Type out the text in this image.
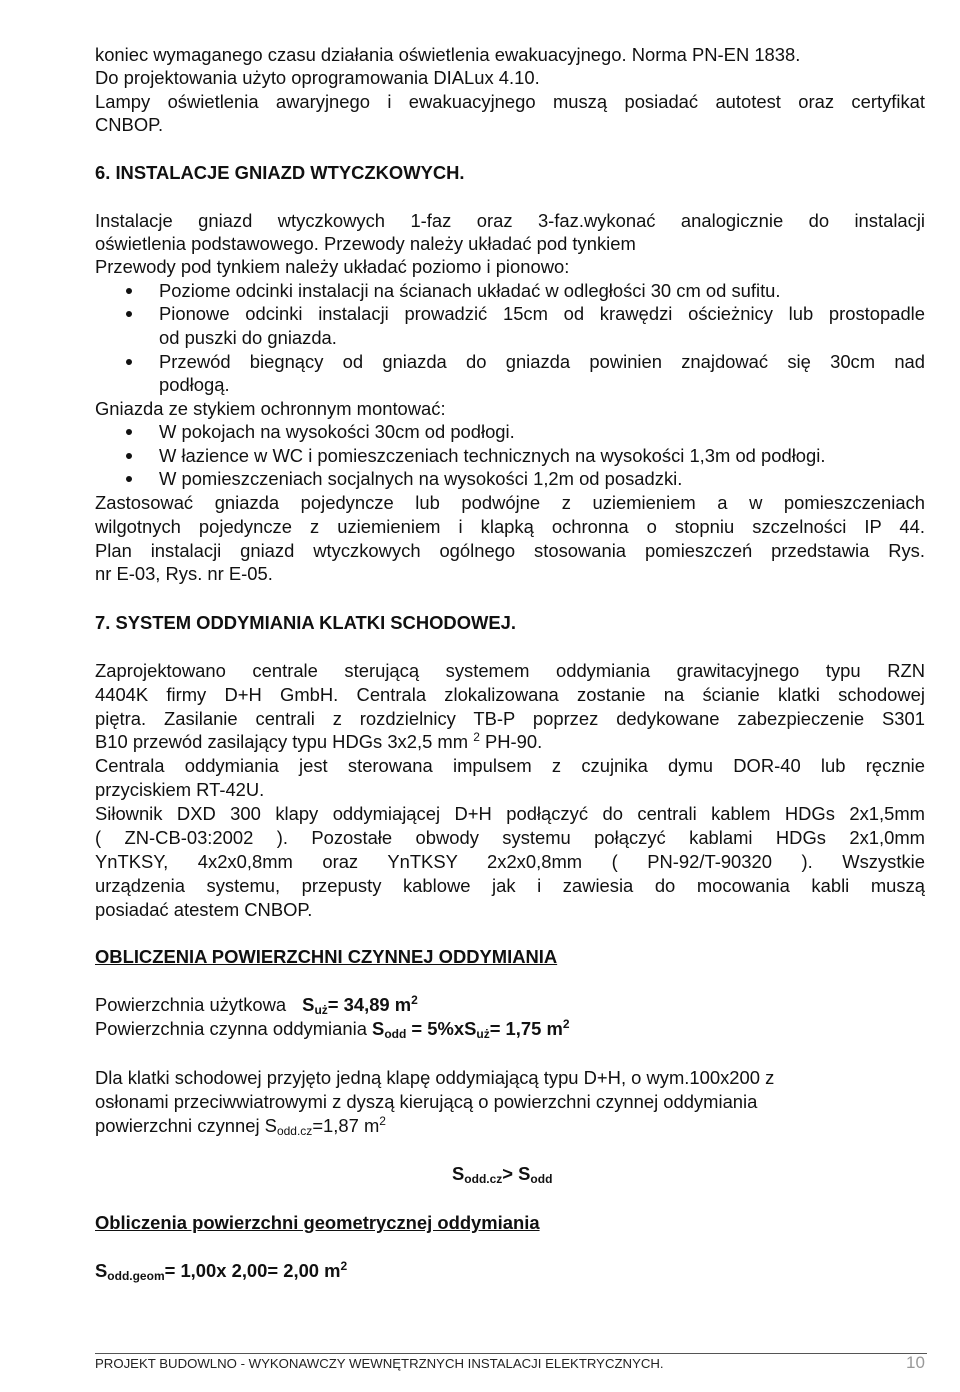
koniec wymaganego czasu działania oświetlenia ewakuacyjnego. Norma PN-EN 1838.
Do projektowania użyto oprogramowania DIALux 4.10.
Lampy oświetlenia awaryjnego i ewakuacyjnego muszą posiadać autotest oraz certyfikat
CNBOP.
6. INSTALACJE GNIAZD WTYCZKOWYCH.
Instalacje gniazd wtyczkowych 1-faz oraz 3-faz.wykonać analogicznie do instalacji
oświetlenia podstawowego. Przewody należy układać pod tynkiem
Przewody pod tynkiem należy układać poziomo i pionowo:
Poziome odcinki instalacji na ścianach układać w odległości 30 cm od sufitu.
Pionowe odcinki instalacji prowadzić 15cm od krawędzi ościeżnicy lub prostopadle
od puszki do gniazda.
Przewód biegnący od gniazda do gniazda powinien znajdować się 30cm nad
podłogą.
Gniazda ze stykiem ochronnym montować:
W pokojach na wysokości 30cm od podłogi.
W łazience w WC i pomieszczeniach technicznych na wysokości 1,3m od podłogi.
W pomieszczeniach socjalnych na wysokości 1,2m od posadzki.
Zastosować gniazda pojedyncze lub podwójne z uziemieniem a w pomieszczeniach
wilgotnych pojedyncze z uziemieniem i klapką ochronna o stopniu szczelności IP 44.
Plan instalacji gniazd wtyczkowych ogólnego stosowania pomieszczeń przedstawia Rys.
nr E-03, Rys. nr E-05.
7. SYSTEM ODDYMIANIA KLATKI SCHODOWEJ.
Zaprojektowano centrale sterującą systemem oddymiania grawitacyjnego typu RZN
4404K firmy D+H GmbH. Centrala zlokalizowana zostanie na ścianie klatki schodowej
piętra. Zasilanie centrali z rozdzielnicy TB-P poprzez dedykowane zabezpieczenie S301
B10 przewód zasilający typu HDGs 3x2,5 mm $^2$ PH-90.
Centrala oddymiania jest sterowana impulsem z czujnika dymu DOR-40 lub ręcznie
przyciskiem RT-42U.
Siłownik DXD 300 klapy oddymiającej D+H podłączyć do centrali kablem HDGs 2x1,5mm
( ZN-CB-03:2002 ). Pozostałe obwody systemu połączyć kablami HDGs 2x1,0mm
YnTKSY, 4x2x0,8mm oraz YnTKSY 2x2x0,8mm ( PN-92/T-90320 ). Wszystkie
urządzenia systemu, przepusty kablowe jak i zawiesia do mocowania kabli muszą
posiadać atestem CNBOP.
OBLICZENIA POWIERZCHNI CZYNNEJ ODDYMIANIA
Powierzchnia użytkowa $S_{uż}= 34,89$ $m^2$
Powierzchnia czynna oddymiania $S_{odd} = 5\%xS_{uż}= 1,75$ $m^2$
Dla klatki schodowej przyjęto jedną klapę oddymiającą typu D+H, o wym.100x200 z
osłonami przeciwwiatrowymi z dyszą kierującą o powierzchni czynnej oddymiania
powierzchni czynnej $S_{odd.cz}=1,87$ $m^2$
$S_{odd.cz}> S_{odd}$
Obliczenia powierzchni geometrycznej oddymiania
$S_{odd.geom}= 1,00x$ 2,00= 2,00 $m^2$
PROJEKT BUDOWLNO - WYKONAWCZY WEWNĘTRZNYCH INSTALACJI ELEKTRYCZNYCH.	10
